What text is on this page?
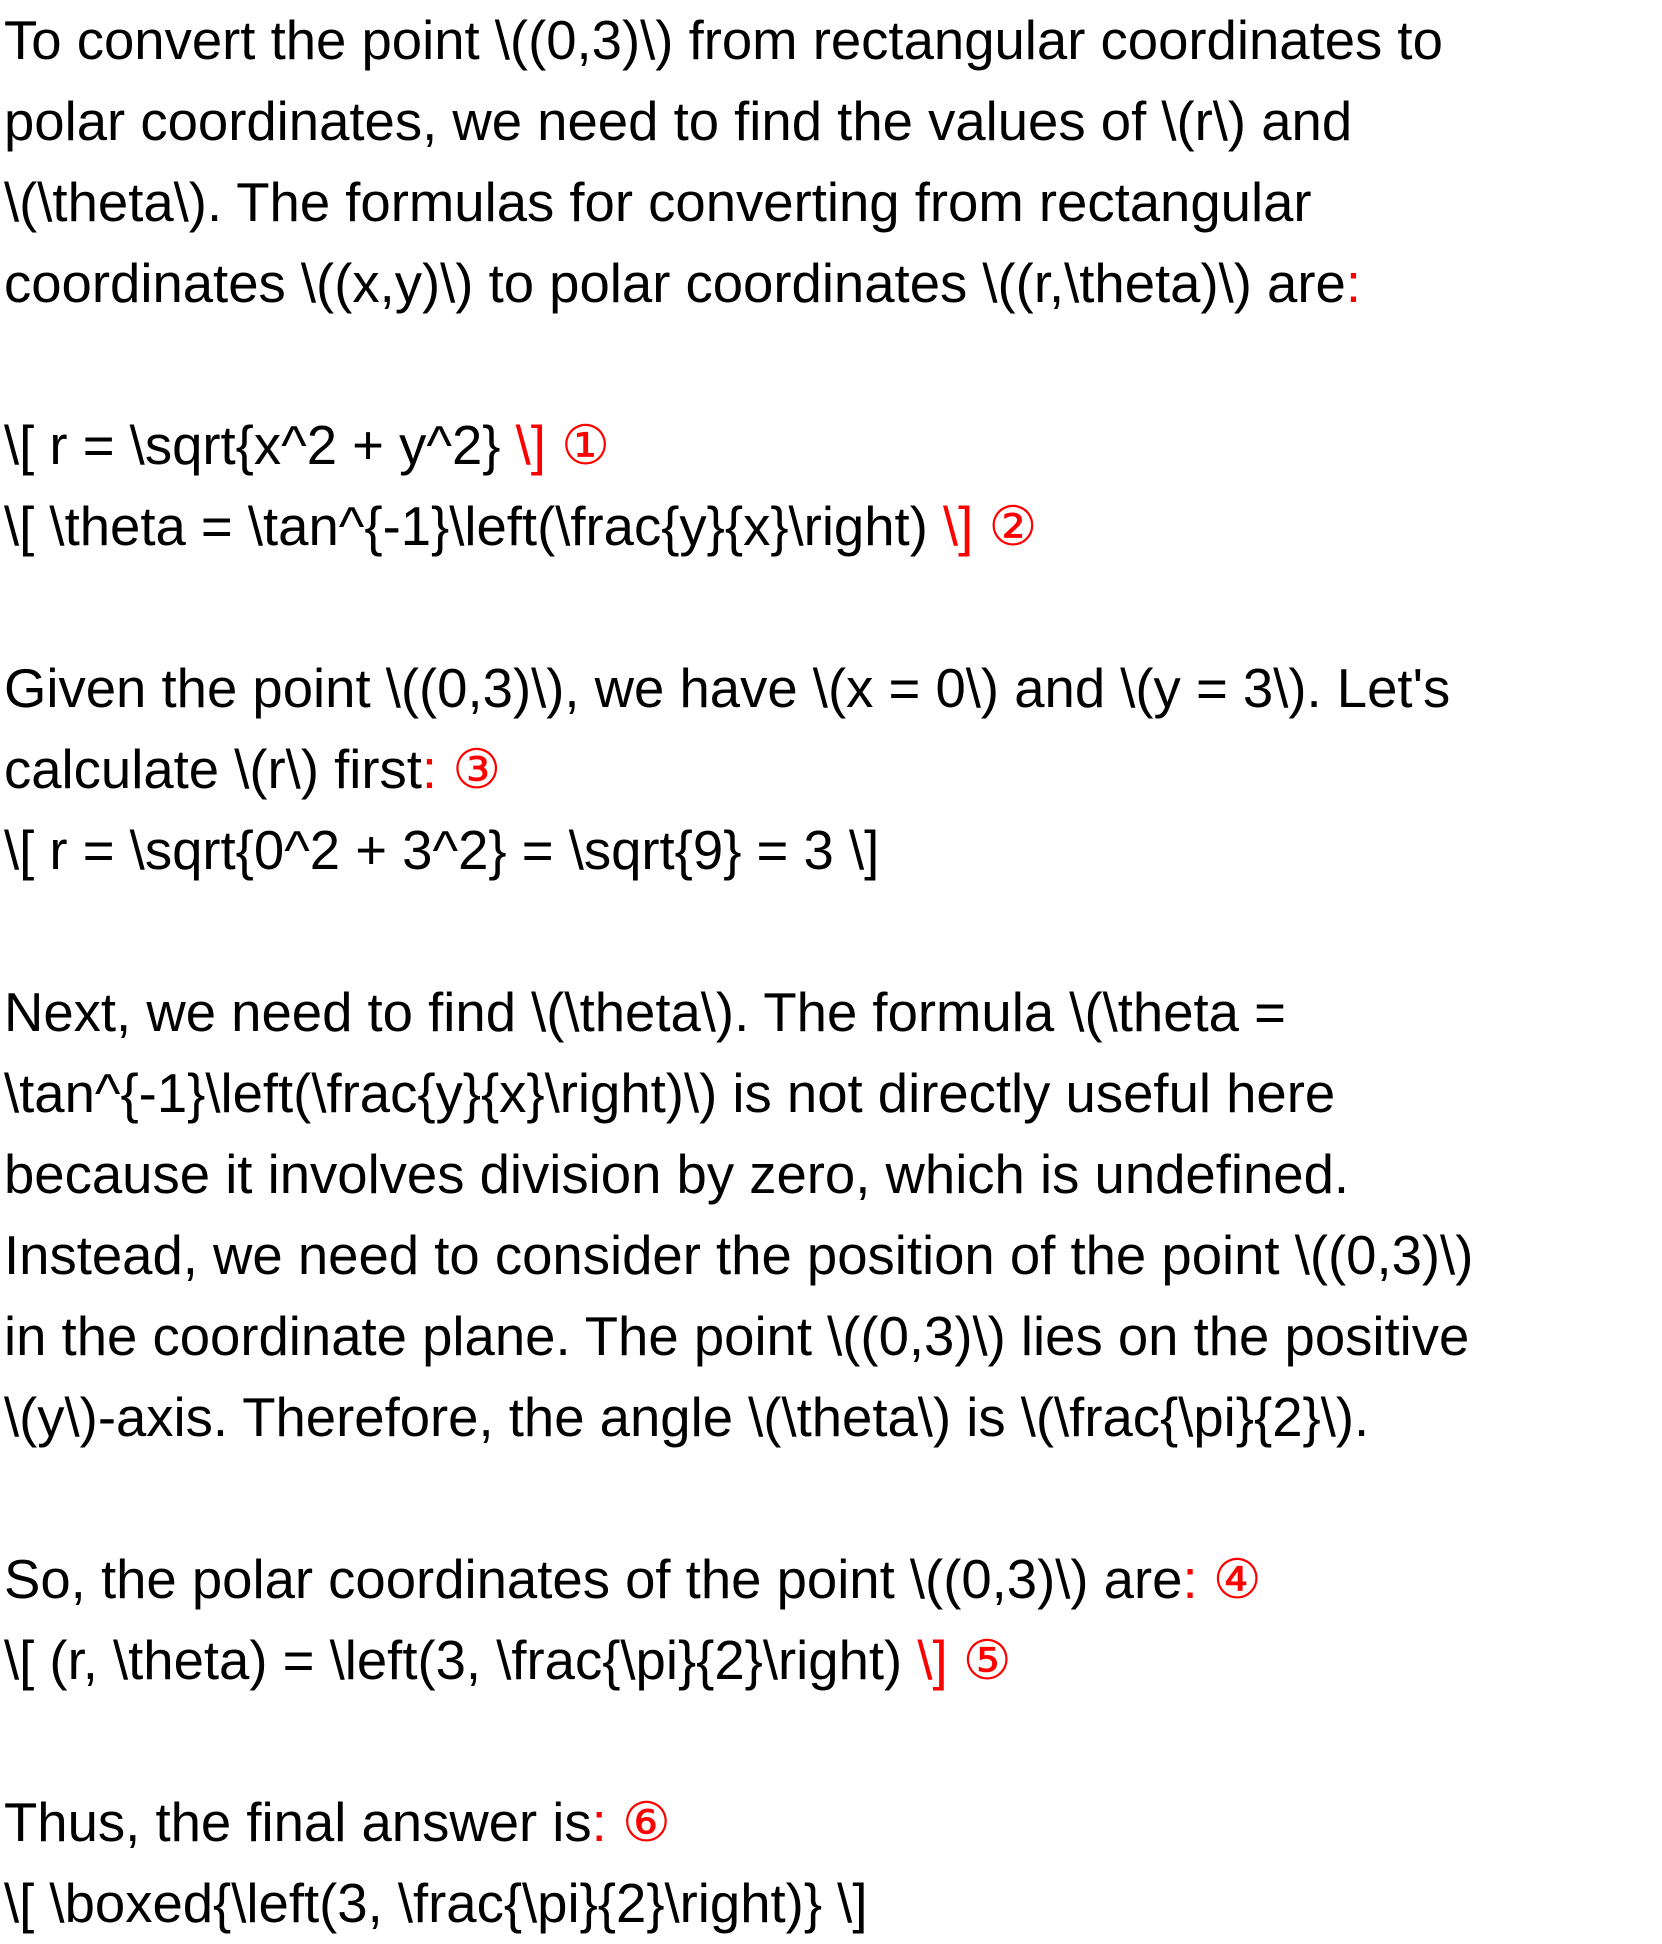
To convert the point \((0,3)\) from rectangular coordinates to
polar coordinates, we need to find the values of \(r\) and
\(\theta\). The formulas for converting from rectangular
coordinates \((x,y)\) to polar coordinates \((r,\theta)\) are:
\[ r = \sqrt{x^2 + y^2} \] ①
\[ \theta = \tan^{-1}\left(\frac{y}{x}\right) \] ②
Given the point \((0,3)\), we have \(x = 0\) and \(y = 3\). Let's
calculate \(r\) first: ③
\[ r = \sqrt{0^2 + 3^2} = \sqrt{9} = 3 \]
Next, we need to find \(\theta\). The formula \(\theta =
\tan^{-1}\left(\frac{y}{x}\right)\) is not directly useful here
because it involves division by zero, which is undefined.
Instead, we need to consider the position of the point \((0,3)\)
in the coordinate plane. The point \((0,3)\) lies on the positive
\(y\)-axis. Therefore, the angle \(\theta\) is \(\frac{\pi}{2}\).
So, the polar coordinates of the point \((0,3)\) are: ④
\[ (r, \theta) = \left(3, \frac{\pi}{2}\right) \] ⑤
Thus, the final answer is: ⑥
\[ \boxed{\left(3, \frac{\pi}{2}\right)} \]
